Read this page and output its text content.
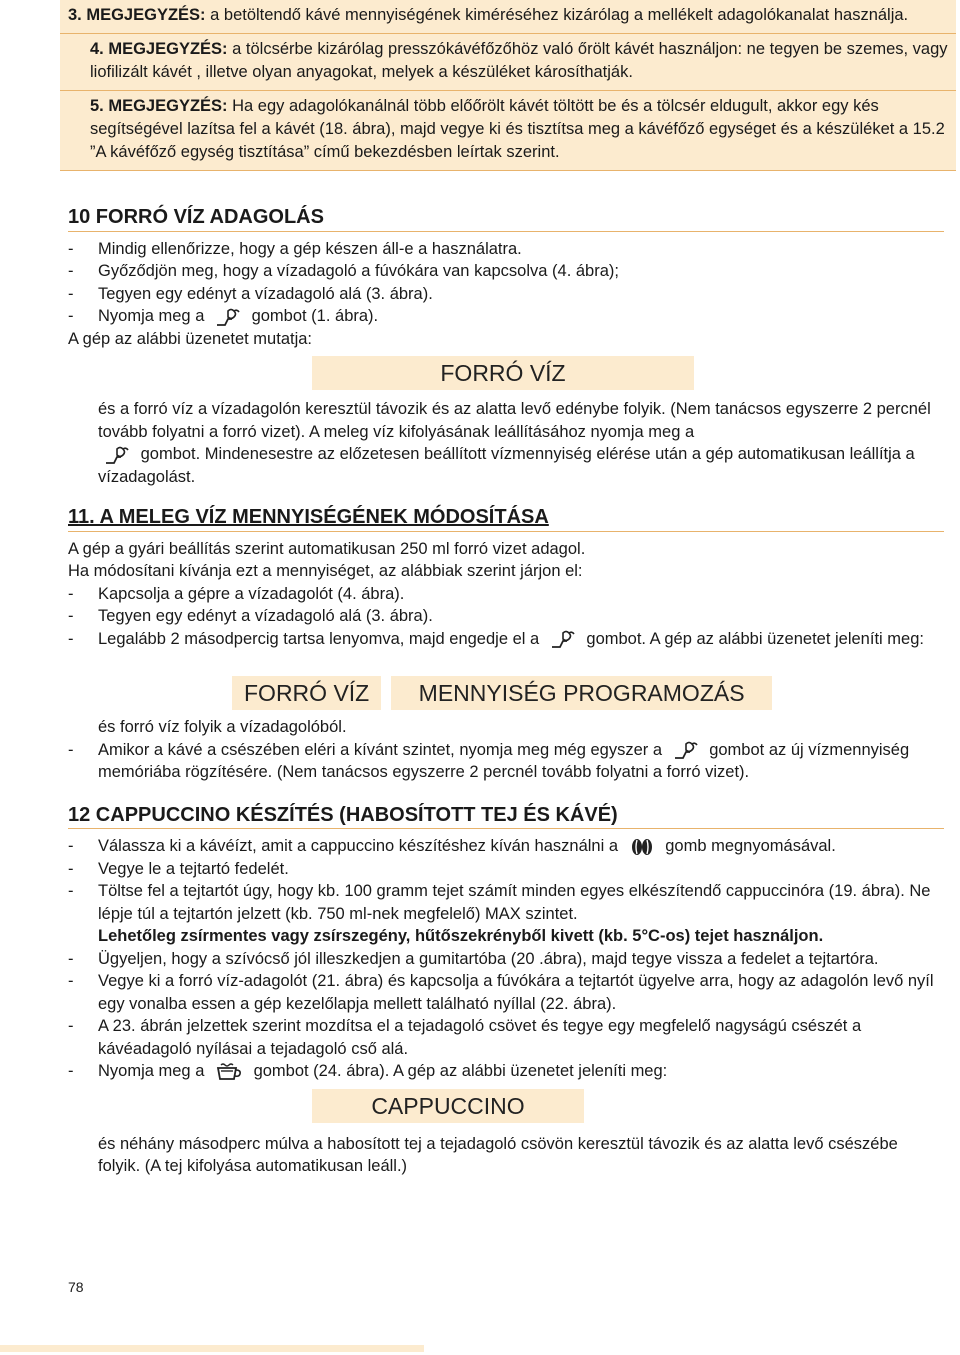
3. MEGJEGYZÉS: a betöltendő kávé mennyiségének kiméréséhez kizárólag a mellékelt adagolókanalat használja.
4. MEGJEGYZÉS: a tölcsérbe kizárólag presszókávéfőzőhöz való őrölt kávét használjon: ne tegyen be szemes, vagy liofilizált kávét , illetve olyan anyagokat, melyek a készüléket károsíthatják.
5. MEGJEGYZÉS: Ha egy adagolókanálnál több előőrölt kávét töltött be és a tölcsér eldugult, akkor egy kés segítségével lazítsa fel a kávét (18. ábra), majd vegye ki és tisztítsa meg a kávéfőző egységet és a készüléket a 15.2 ”A kávéfőző egység tisztítása” című bekezdésben leírtak szerint.
10 FORRÓ VÍZ ADAGOLÁS
-	Mindig ellenőrizze, hogy a gép készen áll-e a használatra.
-	Győződjön meg, hogy a vízadagoló a fúvókára van kapcsolva (4. ábra);
-	Tegyen egy edényt a vízadagoló alá (3. ábra).
-	Nyomja meg a	gombot (1. ábra).
A gép az alábbi üzenetet mutatja:
FORRÓ VÍZ
és a forró víz a vízadagolón keresztül távozik és az alatta levő edénybe folyik. (Nem tanácsos egyszerre 2 percnél tovább folyatni a forró vizet). A meleg víz kifolyásának leállításához nyomja meg a
gombot. Mindenesestre az előzetesen beállított vízmennyiség elérése után a gép automatikusan leállítja a vízadagolást.
11. A MELEG VÍZ MENNYISÉGÉNEK MÓDOSÍTÁSA
A gép a gyári beállítás szerint automatikusan 250 ml forró vizet adagol.
Ha módosítani kívánja ezt a mennyiséget, az alábbiak szerint járjon el:
-	Kapcsolja a gépre a vízadagolót (4. ábra).
-	Tegyen egy edényt a vízadagoló alá (3. ábra).
-	Legalább 2 másodpercig tartsa lenyomva, majd engedje el a	gombot. A gép az alábbi üzenetet jeleníti meg:
FORRÓ VÍZ	MENNYISÉG PROGRAMOZÁS
és forró víz folyik a vízadagolóból.
-	Amikor a kávé a csészében eléri a kívánt szintet, nyomja meg még egyszer a	gombot az új vízmennyiség memóriába rögzítésére. (Nem tanácsos egyszerre 2 percnél tovább folyatni a forró vizet).
12 CAPPUCCINO KÉSZÍTÉS (HABOSÍTOTT TEJ ÉS KÁVÉ)
-	Válassza ki a kávéízt, amit a cappuccino készítéshez kíván használni a	gomb megnyomásával.
-	Vegye le a tejtartó fedelét.
-	Töltse fel a tejtartót úgy, hogy kb. 100 gramm tejet számít minden egyes elkészítendő cappuccinóra (19. ábra). Ne lépje túl a tejtartón jelzett (kb. 750 ml-nek megfelelő) MAX szintet.
Lehetőleg zsírmentes vagy zsírszegény, hűtőszekrényből kivett (kb. 5°C-os) tejet használjon.
-	Ügyeljen, hogy a szívócső jól illeszkedjen a gumitartóba (20 .ábra), majd tegye vissza a fedelet a tejtartóra.
-	Vegye ki a forró víz-adagolót (21. ábra) és kapcsolja a fúvókára a tejtartót ügyelve arra, hogy az adagolón levő nyíl egy vonalba essen a gép kezelőlapja mellett található nyíllal (22. ábra).
-	A 23. ábrán jelzettek szerint mozdítsa el a tejadagoló csövet és tegye egy megfelelő nagyságú csészét a kávéadagoló nyílásai a tejadagoló cső alá.
-	Nyomja meg a	gombot (24. ábra). A gép az alábbi üzenetet jeleníti meg:
CAPPUCCINO
és néhány másodperc múlva a habosított tej a tejadagoló csövön keresztül távozik és az alatta levő csészébe folyik. (A tej kifolyása automatikusan leáll.)
78
